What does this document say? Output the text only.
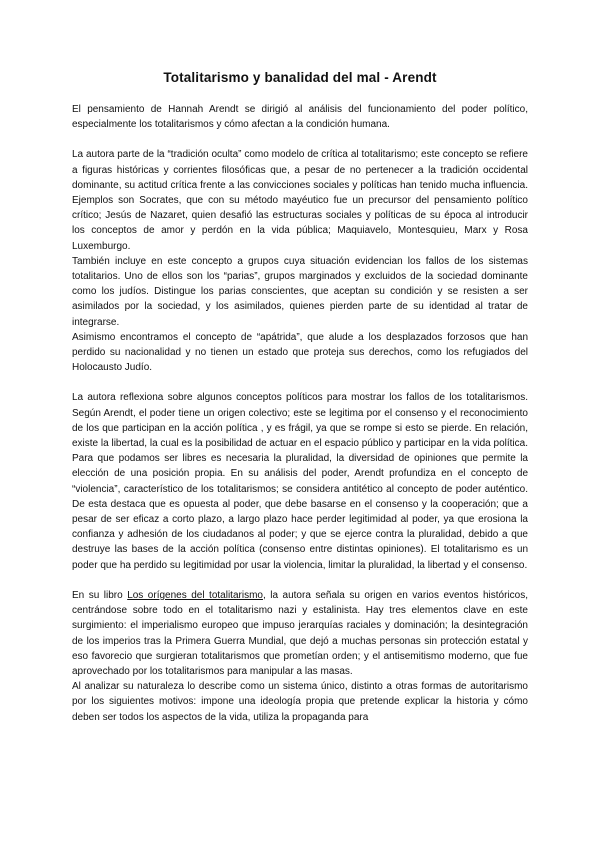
Totalitarismo y banalidad del mal - Arendt

El pensamiento de Hannah Arendt se dirigió al análisis del funcionamiento del poder político, especialmente los totalitarismos y cómo afectan a la condición humana.

La autora parte de la “tradición oculta” como modelo de crítica al totalitarismo; este concepto se refiere a figuras históricas y corrientes filosóficas que, a pesar de no pertenecer a la tradición occidental dominante, su actitud crítica frente a las convicciones sociales y políticas han tenido mucha influencia. Ejemplos son Socrates, que con su método mayéutico fue un precursor del pensamiento político crítico; Jesús de Nazaret, quien desafió las estructuras sociales y políticas de su época al introducir los conceptos de amor y perdón en la vida pública; Maquiavelo, Montesquieu, Marx y Rosa Luxemburgo.

También incluye en este concepto a grupos cuya situación evidencian los fallos de los sistemas totalitarios. Uno de ellos son los “parias”, grupos marginados y excluidos de la sociedad dominante como los judíos. Distingue los parias conscientes, que aceptan su condición y se resisten a ser asimilados por la sociedad, y los asimilados, quienes pierden parte de su identidad al tratar de integrarse.

Asimismo encontramos el concepto de “apátrida”, que alude a los desplazados forzosos que han perdido su nacionalidad y no tienen un estado que proteja sus derechos, como los refugiados del Holocausto Judío.

La autora reflexiona sobre algunos conceptos políticos para mostrar los fallos de los totalitarismos. Según Arendt, el poder tiene un origen colectivo; este se legitima por el consenso y el reconocimiento de los que participan en la acción política , y es frágil, ya que se rompe si esto se pierde. En relación, existe la libertad, la cual es la posibilidad de actuar en el espacio público y participar en la vida política. Para que podamos ser libres es necesaria la pluralidad, la diversidad de opiniones que permite la elección de una posición propia. En su análisis del poder, Arendt profundiza en el concepto de “violencia”, característico de los totalitarismos; se considera antitético al concepto de poder auténtico. De esta destaca que es opuesta al poder, que debe basarse en el consenso y la cooperación; que a pesar de ser eficaz a corto plazo, a largo plazo hace perder legitimidad al poder, ya que erosiona la confianza y adhesión de los ciudadanos al poder; y que se ejerce contra la pluralidad, debido a que destruye las bases de la acción política (consenso entre distintas opiniones). El totalitarismo es un poder que ha perdido su legitimidad por usar la violencia, limitar la pluralidad, la libertad y el consenso.

En su libro Los orígenes del totalitarismo, la autora señala su origen en varios eventos históricos, centrándose sobre todo en el totalitarismo nazi y estalinista. Hay tres elementos clave en este surgimiento: el imperialismo europeo que impuso jerarquías raciales y dominación; la desintegración de los imperios tras la Primera Guerra Mundial, que dejó a muchas personas sin protección estatal y eso favorecio que surgieran totalitarismos que prometían orden; y el antisemitismo moderno, que fue aprovechado por los totalitarismos para manipular a las masas.

Al analizar su naturaleza lo describe como un sistema único, distinto a otras formas de autoritarismo por los siguientes motivos: impone una ideología propia que pretende explicar la historia y cómo deben ser todos los aspectos de la vida, utiliza la propaganda para
